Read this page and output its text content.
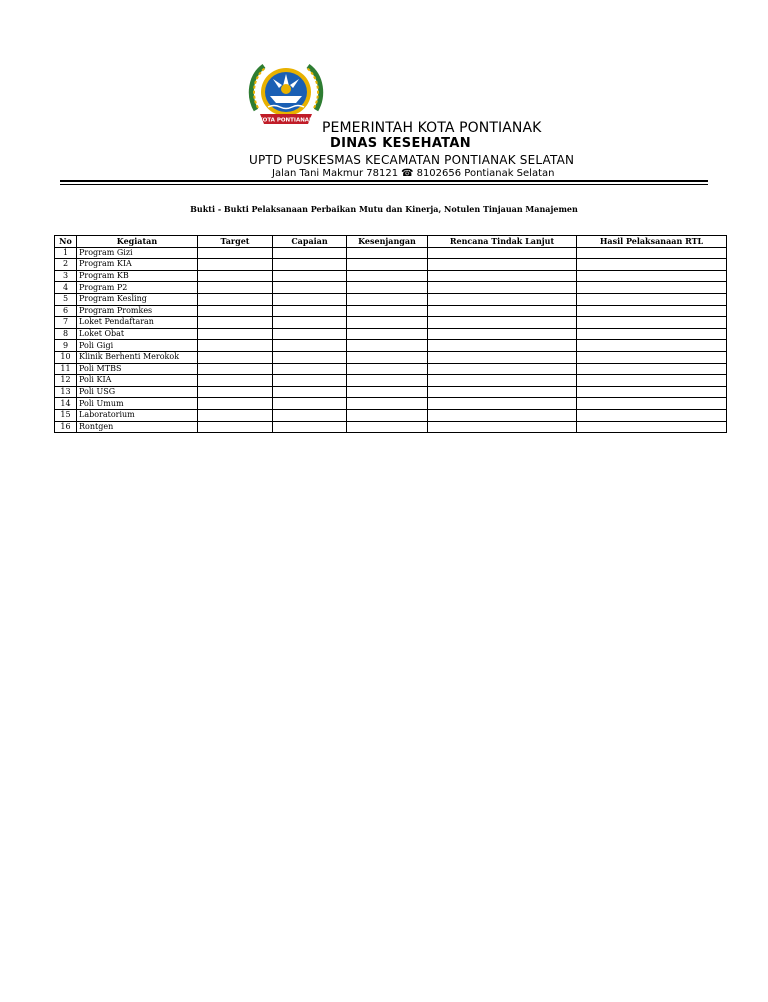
KOTA PONTIANAK PEMERINTAH KOTA PONTIANAK
DINAS KESEHATAN
UPTD PUSKESMAS KECAMATAN PONTIANAK SELATAN
Jalan Tani Makmur 78121 ☎ 8102656 Pontianak Selatan
Bukti - Bukti Pelaksanaan Perbaikan Mutu dan Kinerja, Notulen Tinjauan Manajemen
No	Kegiatan	Target	Capaian	Kesenjangan	Rencana Tindak Lanjut	Hasil Pelaksanaan RTL
1	Program Gizi					
2	Program KIA					
3	Program KB					
4	Program P2					
5	Program Kesling					
6	Program Promkes					
7	Loket Pendaftaran					
8	Loket Obat					
9	Poli Gigi					
10	Klinik Berhenti Merokok					
11	Poli MTBS					
12	Poli KIA					
13	Poli USG					
14	Poli Umum					
15	Laboratorium					
16	Rontgen					
